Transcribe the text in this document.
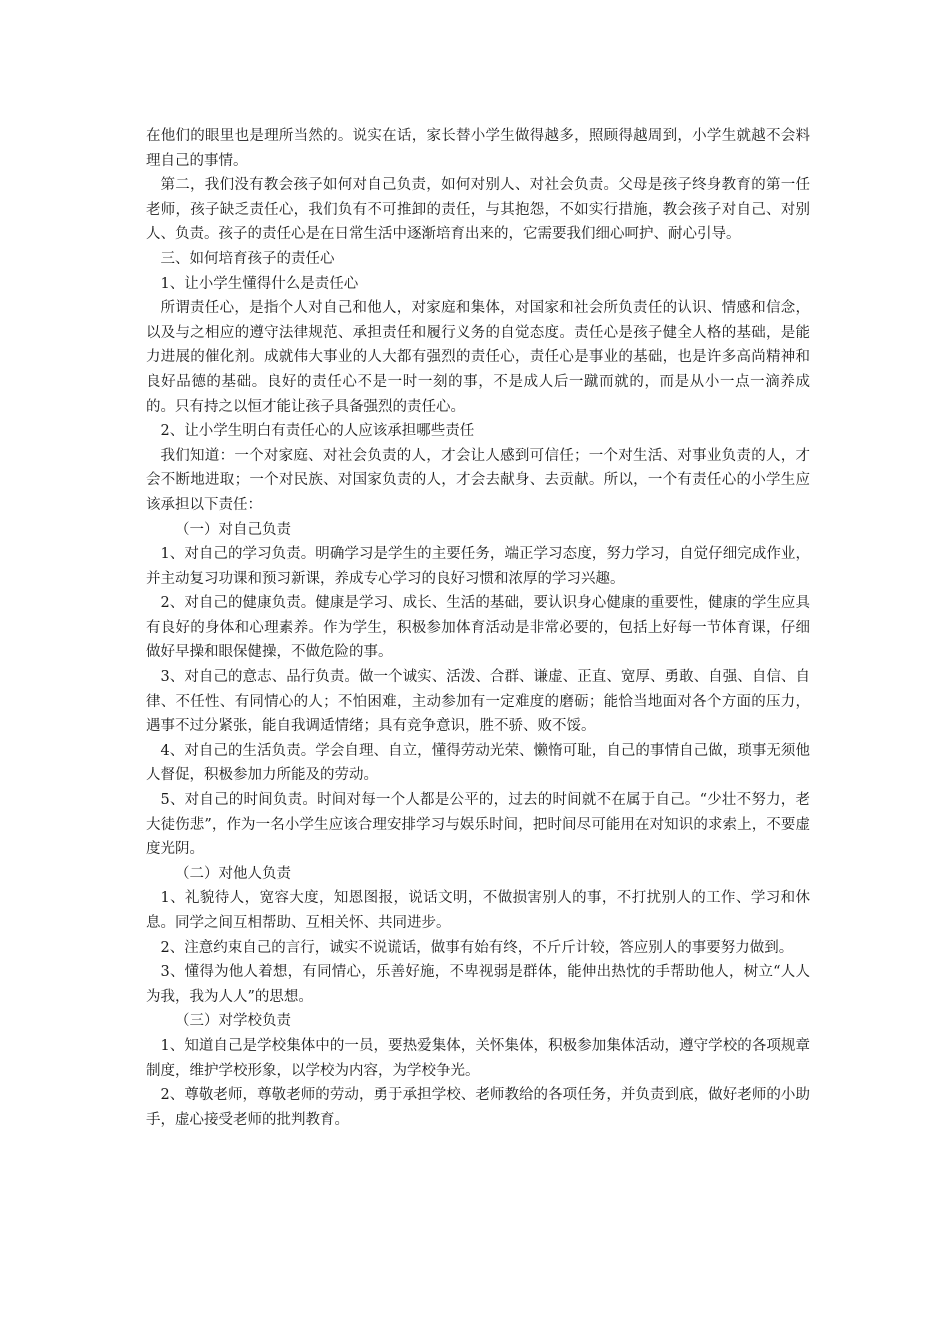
在他们的眼里也是理所当然的。说实在话，家长替小学生做得越多，照顾得越周到，小学生就越不会料理自己的事情。

第二，我们没有教会孩子如何对自己负责，如何对别人、对社会负责。父母是孩子终身教育的第一任老师，孩子缺乏责任心，我们负有不可推卸的责任，与其抱怨，不如实行措施，教会孩子对自己、对别人、负责。孩子的责任心是在日常生活中逐渐培育出来的，它需要我们细心呵护、耐心引导。

三、如何培育孩子的责任心

1、让小学生懂得什么是责任心

所谓责任心，是指个人对自己和他人，对家庭和集体，对国家和社会所负责任的认识、情感和信念，以及与之相应的遵守法律规范、承担责任和履行义务的自觉态度。责任心是孩子健全人格的基础，是能力进展的催化剂。成就伟大事业的人大都有强烈的责任心，责任心是事业的基础，也是许多高尚精神和良好品德的基础。良好的责任心不是一时一刻的事，不是成人后一蹴而就的，而是从小一点一滴养成的。只有持之以恒才能让孩子具备强烈的责任心。

2、让小学生明白有责任心的人应该承担哪些责任

我们知道：一个对家庭、对社会负责的人，才会让人感到可信任；一个对生活、对事业负责的人，才会不断地进取；一个对民族、对国家负责的人，才会去献身、去贡献。所以，一个有责任心的小学生应该承担以下责任：

（一）对自己负责

1、对自己的学习负责。明确学习是学生的主要任务，端正学习态度，努力学习，自觉仔细完成作业，并主动复习功课和预习新课，养成专心学习的良好习惯和浓厚的学习兴趣。

2、对自己的健康负责。健康是学习、成长、生活的基础，要认识身心健康的重要性，健康的学生应具有良好的身体和心理素养。作为学生，积极参加体育活动是非常必要的，包括上好每一节体育课，仔细做好早操和眼保健操，不做危险的事。

3、对自己的意志、品行负责。做一个诚实、活泼、合群、谦虚、正直、宽厚、勇敢、自强、自信、自律、不任性、有同情心的人；不怕困难，主动参加有一定难度的磨砺；能恰当地面对各个方面的压力，遇事不过分紧张，能自我调适情绪；具有竞争意识，胜不骄、败不馁。

4、对自己的生活负责。学会自理、自立，懂得劳动光荣、懒惰可耻，自己的事情自己做，琐事无须他人督促，积极参加力所能及的劳动。

5、对自己的时间负责。时间对每一个人都是公平的，过去的时间就不在属于自己。“少壮不努力，老大徒伤悲”，作为一名小学生应该合理安排学习与娱乐时间，把时间尽可能用在对知识的求索上，不要虚度光阴。

（二）对他人负责

1、礼貌待人，宽容大度，知恩图报，说话文明，不做损害别人的事，不打扰别人的工作、学习和休息。同学之间互相帮助、互相关怀、共同进步。

2、注意约束自己的言行，诚实不说谎话，做事有始有终，不斤斤计较，答应别人的事要努力做到。

3、懂得为他人着想，有同情心，乐善好施，不卑视弱是群体，能伸出热忱的手帮助他人，树立“人人为我，我为人人”的思想。

（三）对学校负责

1、知道自己是学校集体中的一员，要热爱集体，关怀集体，积极参加集体活动，遵守学校的各项规章制度，维护学校形象，以学校为内容，为学校争光。

2、尊敬老师，尊敬老师的劳动，勇于承担学校、老师教给的各项任务，并负责到底，做好老师的小助手，虚心接受老师的批判教育。
